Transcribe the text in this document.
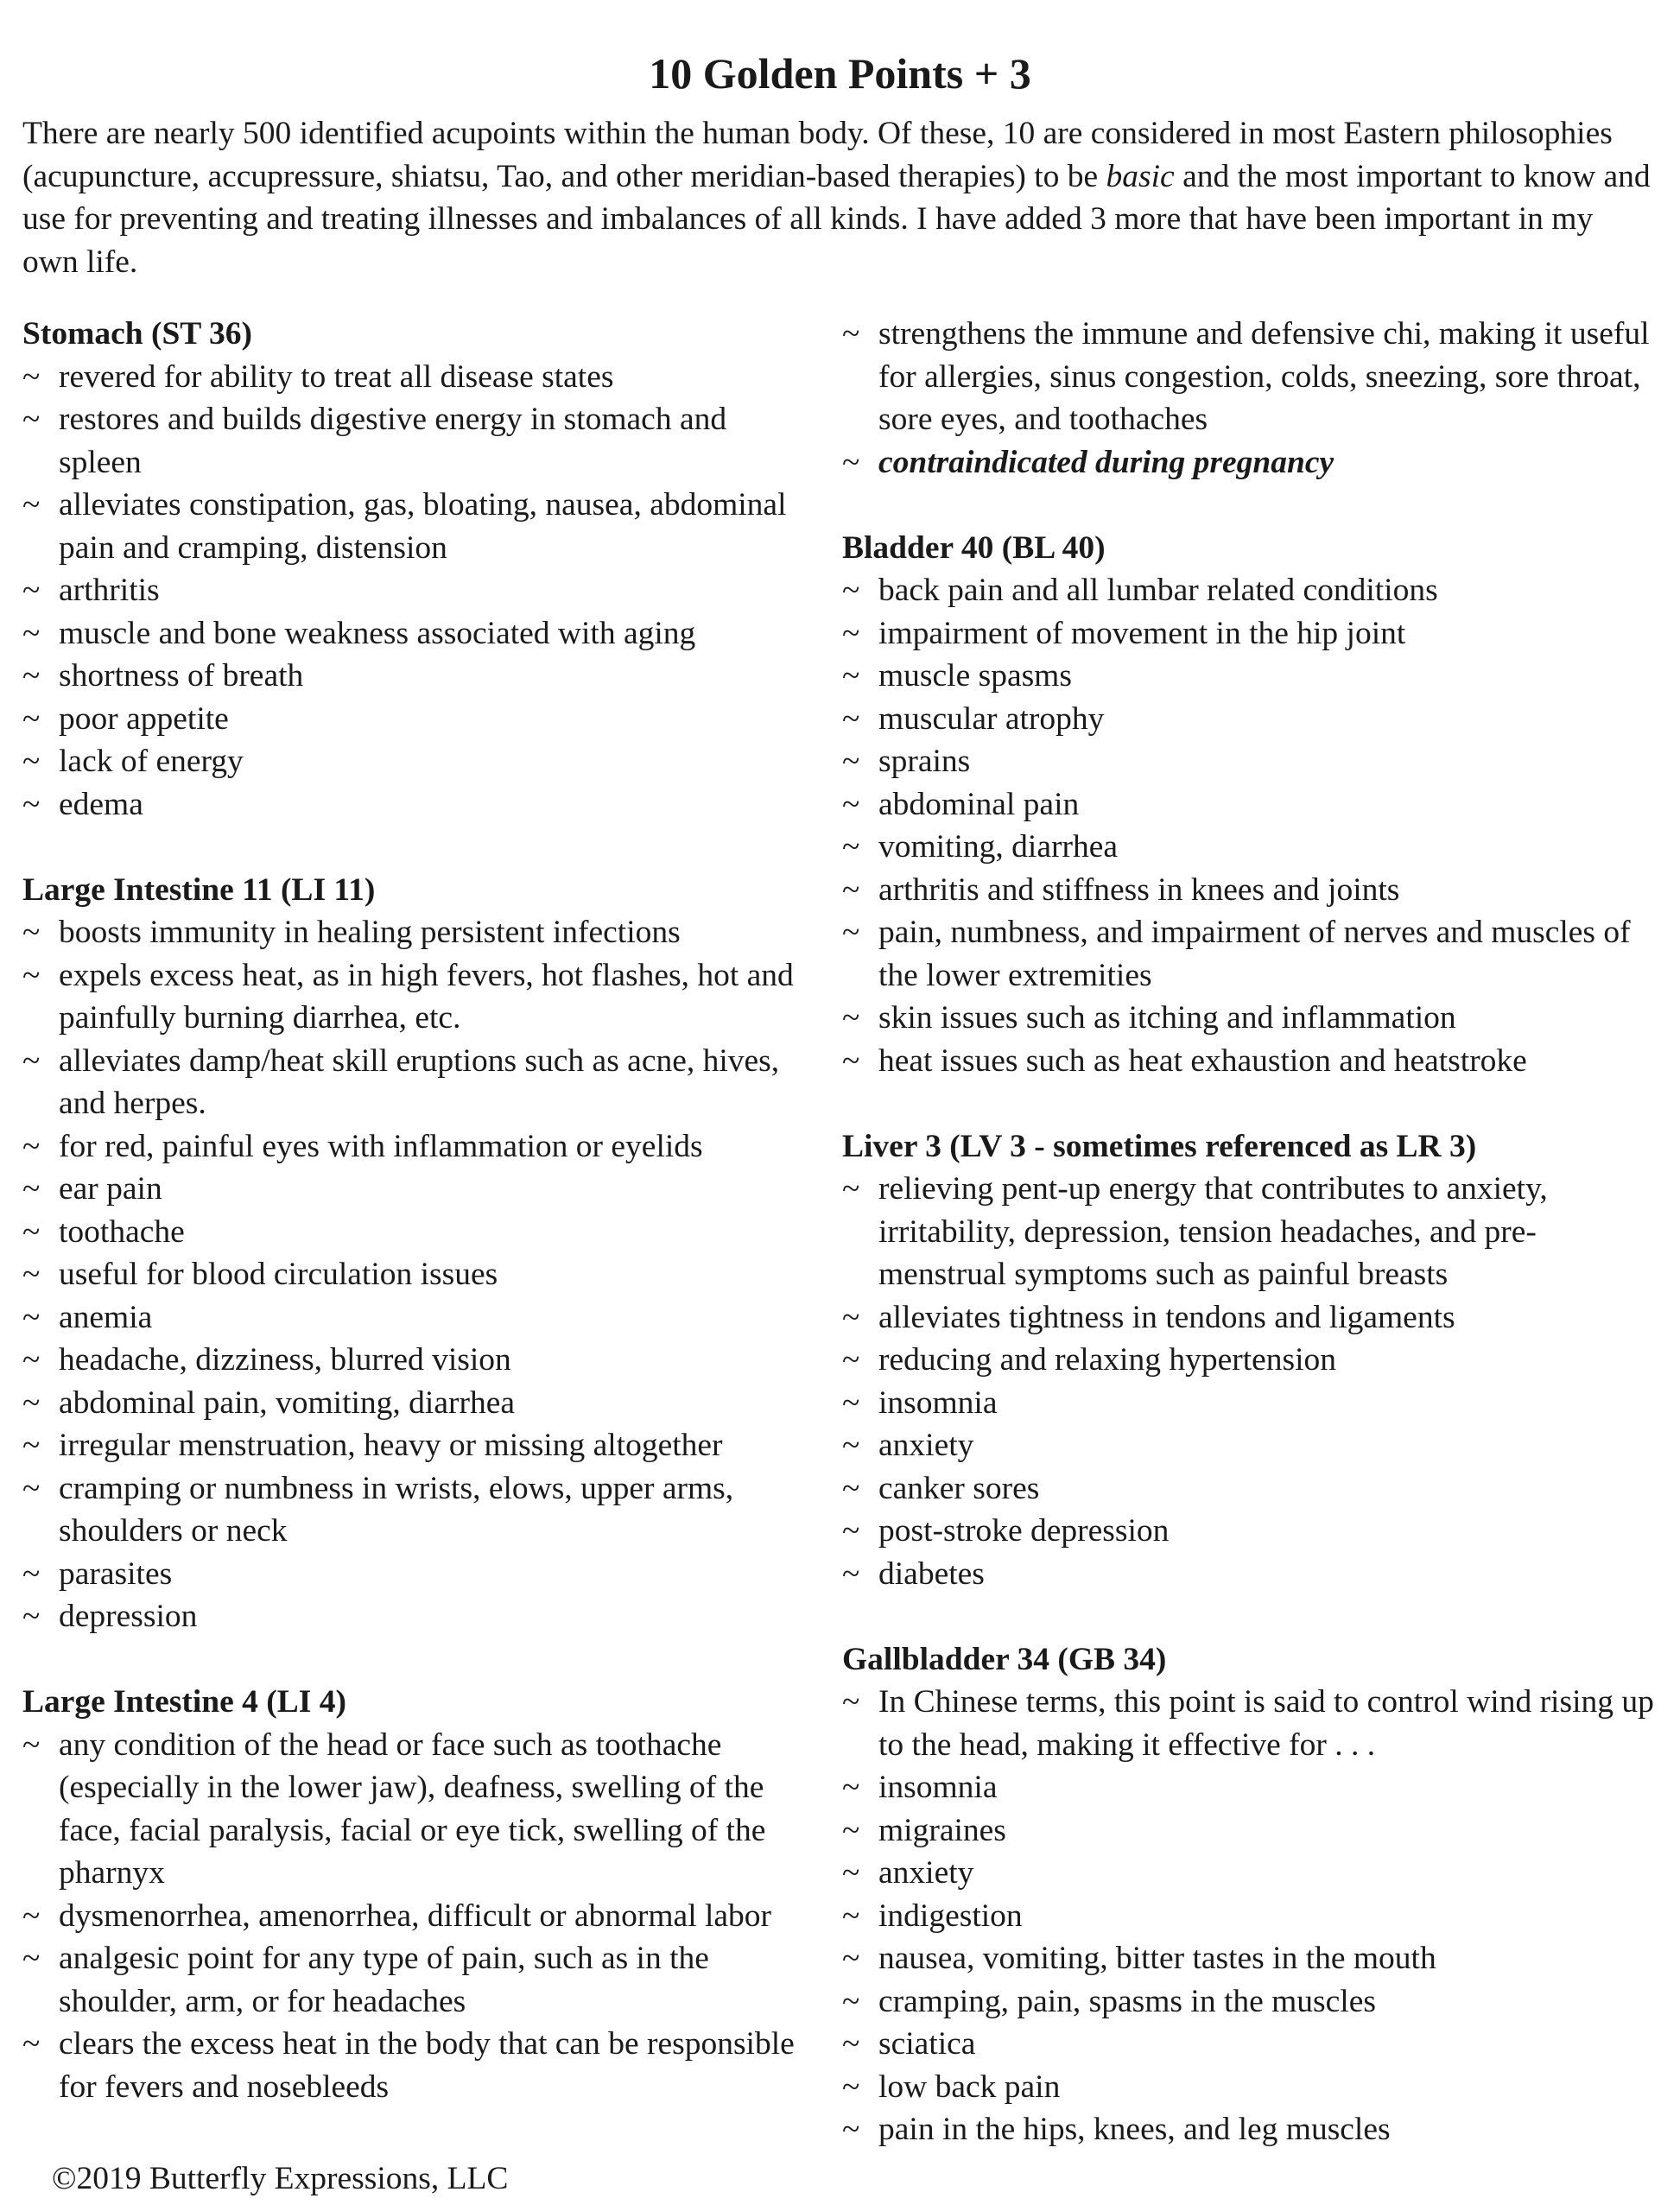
10 Golden Points + 3

There are nearly 500 identified acupoints within the human body. Of these, 10 are considered in most Eastern philosophies (acupuncture, accupressure, shiatsu, Tao, and other meridian-based therapies) to be basic and the most important to know and use for preventing and treating illnesses and imbalances of all kinds. I have added 3 more that have been important in my own life.

Stomach (ST 36)
~ revered for ability to treat all disease states
~ restores and builds digestive energy in stomach and spleen
~ alleviates constipation, gas, bloating, nausea, abdominal pain and cramping, distension
~ arthritis
~ muscle and bone weakness associated with aging
~ shortness of breath
~ poor appetite
~ lack of energy
~ edema
Large Intestine 11 (LI 11)
~ boosts immunity in healing persistent infections
~ expels excess heat, as in high fevers, hot flashes, hot and painfully burning diarrhea, etc.
~ alleviates damp/heat skill eruptions such as acne, hives, and herpes.
~ for red, painful eyes with inflammation or eyelids
~ ear pain
~ toothache
~ useful for blood circulation issues
~ anemia
~ headache, dizziness, blurred vision
~ abdominal pain, vomiting, diarrhea
~ irregular menstruation, heavy or missing altogether
~ cramping or numbness in wrists, elows, upper arms, shoulders or neck
~ parasites
~ depression
Large Intestine 4 (LI 4)
~ any condition of the head or face such as toothache (especially in the lower jaw), deafness, swelling of the face, facial paralysis, facial or eye tick, swelling of the pharnyx
~ dysmenorrhea, amenorrhea, difficult or abnormal labor
~ analgesic point for any type of pain, such as in the shoulder, arm, or for headaches
~ clears the excess heat in the body that can be responsible for fevers and nosebleeds
~ strengthens the immune and defensive chi, making it useful for allergies, sinus congestion, colds, sneezing, sore throat, sore eyes, and toothaches
~ contraindicated during pregnancy
Bladder 40 (BL 40)
~ back pain and all lumbar related conditions
~ impairment of movement in the hip joint
~ muscle spasms
~ muscular atrophy
~ sprains
~ abdominal pain
~ vomiting, diarrhea
~ arthritis and stiffness in knees and joints
~ pain, numbness, and impairment of nerves and muscles of the lower extremities
~ skin issues such as itching and inflammation
~ heat issues such as heat exhaustion and heatstroke
Liver 3 (LV 3 - sometimes referenced as LR 3)
~ relieving pent-up energy that contributes to anxiety, irritability, depression, tension headaches, and pre-menstrual symptoms such as painful breasts
~ alleviates tightness in tendons and ligaments
~ reducing and relaxing hypertension
~ insomnia
~ anxiety
~ canker sores
~ post-stroke depression
~ diabetes
Gallbladder 34 (GB 34)
~ In Chinese terms, this point is said to control wind rising up to the head, making it effective for . . .
~ insomnia
~ migraines
~ anxiety
~ indigestion
~ nausea, vomiting, bitter tastes in the mouth
~ cramping, pain, spasms in the muscles
~ sciatica
~ low back pain
~ pain in the hips, knees, and leg muscles
©2019 Butterfly Expressions, LLC
